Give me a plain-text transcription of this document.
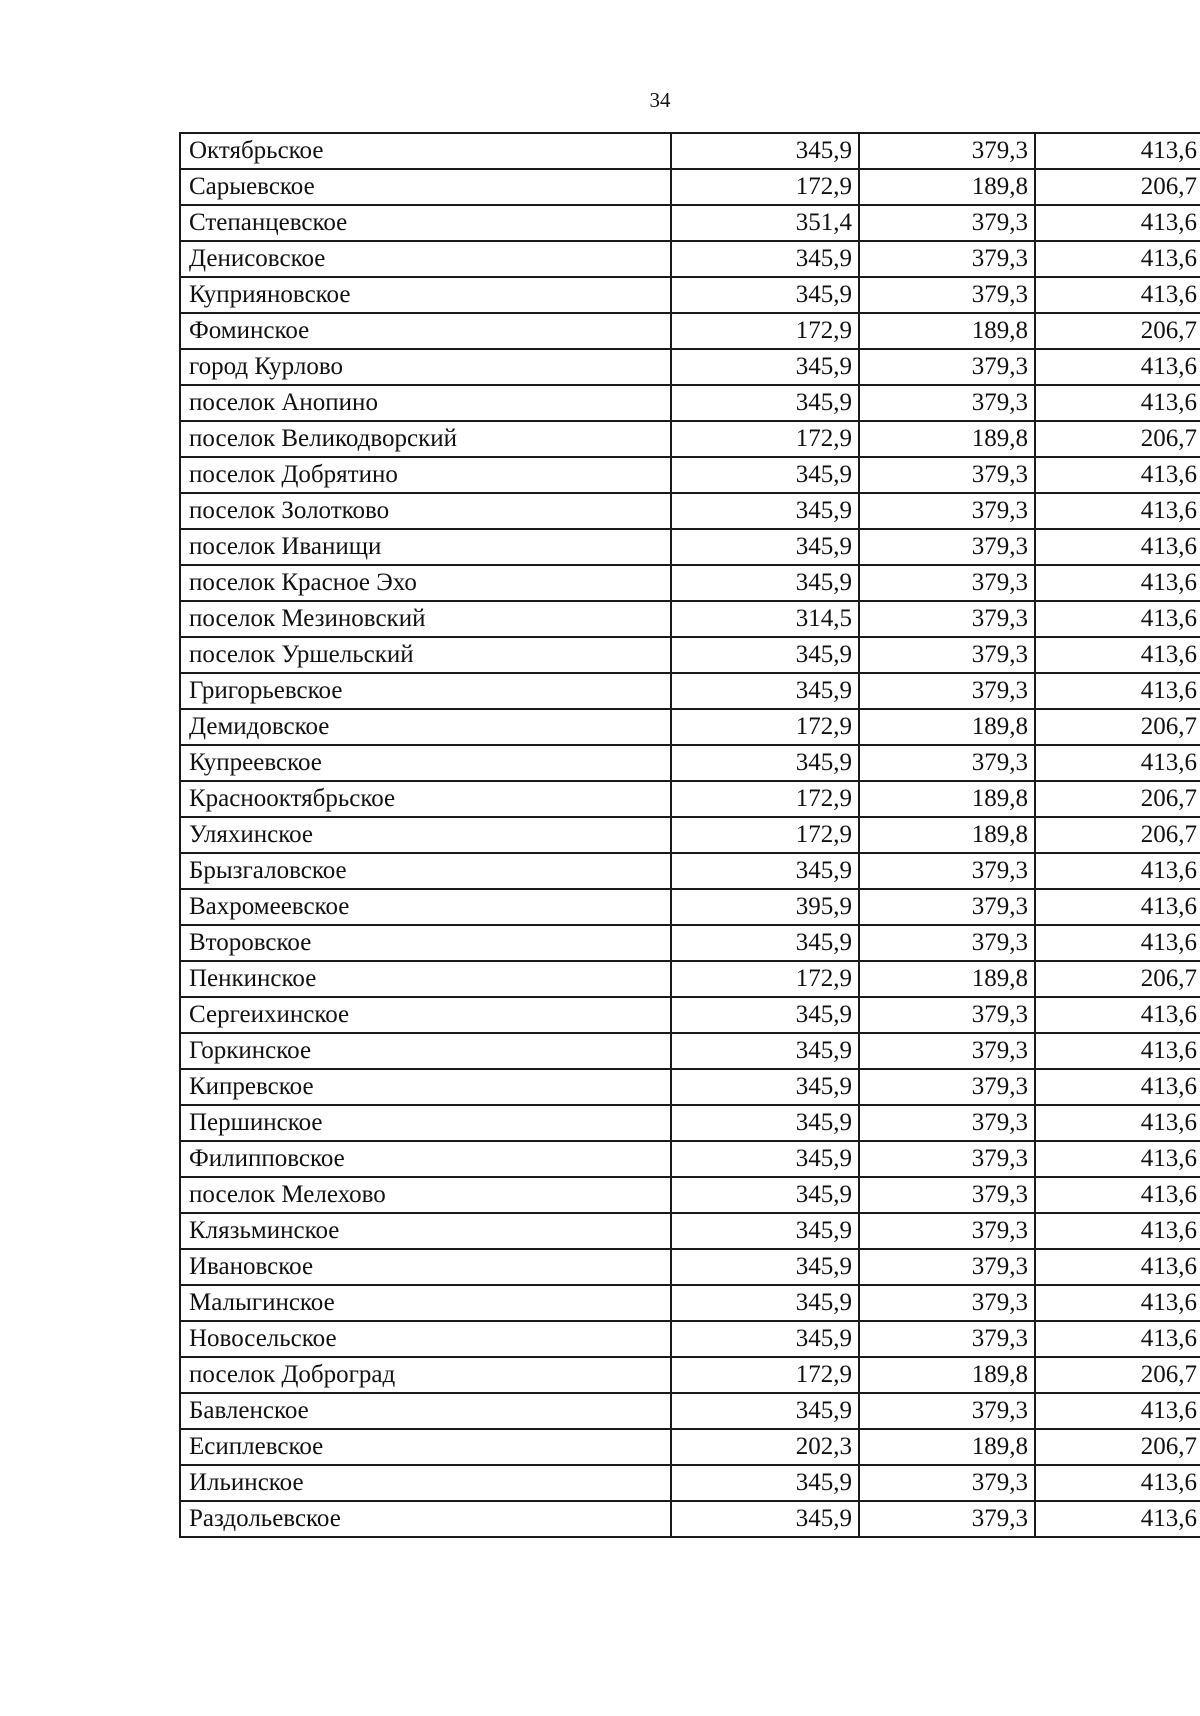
34
Октябрьское	345,9	379,3	413,6
Сарыевское	172,9	189,8	206,7
Степанцевское	351,4	379,3	413,6
Денисовское	345,9	379,3	413,6
Куприяновское	345,9	379,3	413,6
Фоминское	172,9	189,8	206,7
город Курлово	345,9	379,3	413,6
поселок Анопино	345,9	379,3	413,6
поселок Великодворский	172,9	189,8	206,7
поселок Добрятино	345,9	379,3	413,6
поселок Золотково	345,9	379,3	413,6
поселок Иванищи	345,9	379,3	413,6
поселок Красное Эхо	345,9	379,3	413,6
поселок Мезиновский	314,5	379,3	413,6
поселок Уршельский	345,9	379,3	413,6
Григорьевское	345,9	379,3	413,6
Демидовское	172,9	189,8	206,7
Купреевское	345,9	379,3	413,6
Краснооктябрьское	172,9	189,8	206,7
Уляхинское	172,9	189,8	206,7
Брызгаловское	345,9	379,3	413,6
Вахромеевское	395,9	379,3	413,6
Второвское	345,9	379,3	413,6
Пенкинское	172,9	189,8	206,7
Сергеихинское	345,9	379,3	413,6
Горкинское	345,9	379,3	413,6
Кипревское	345,9	379,3	413,6
Першинское	345,9	379,3	413,6
Филипповское	345,9	379,3	413,6
поселок Мелехово	345,9	379,3	413,6
Клязьминское	345,9	379,3	413,6
Ивановское	345,9	379,3	413,6
Малыгинское	345,9	379,3	413,6
Новосельское	345,9	379,3	413,6
поселок Доброград	172,9	189,8	206,7
Бавленское	345,9	379,3	413,6
Есиплевское	202,3	189,8	206,7
Ильинское	345,9	379,3	413,6
Раздольевское	345,9	379,3	413,6
